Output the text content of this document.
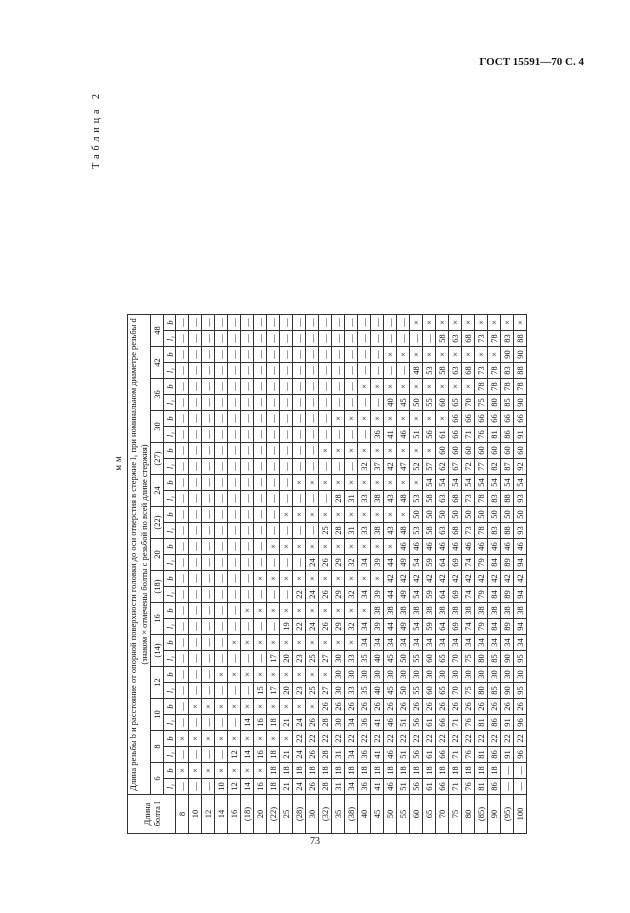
ГОСТ 15591—70 С. 4
Таблица 2
мм
Длина болта l	Длина резьбы b и расстояние от опорной поверхности головки до оси отверстия в стержне l₁ при номинальном диаметре резьбы d (знаком × отмечены болты с резьбой по всей длине стержня)																													

	6		8		10		12		(14)		16		(18)		20		(22)		24		(27)		30		36		42		48	
	l₁	b	l₁	b	l₁	b	l₁	b	l₁	b	l₁	b	l₁	b	l₁	b	l₁	b	l₁	b	l₁	b	l₁	b	l₁	b	l₁	b	l₁	b
8	—	×	—	×	—	—	—	—	—	—	—	—	—	—	—	—	—	—	—	—	—	—	—	—	—	—	—	—	—	—
10	—	×	—	×	—	×	—	—	—	—	—	—	—	—	—	—	—	—	—	—	—	—	—	—	—	—	—	—	—	—
12	—	×	—	×	—	×	—	—	—	—	—	—	—	—	—	—	—	—	—	—	—	—	—	—	—	—	—	—	—	—
14	10	×	—	×	—	×	—	×	—	—	—	—	—	—	—	—	—	—	—	—	—	—	—	—	—	—	—	—	—	—
16	12	×	12	×	—	×	—	×	—	×	—	—	—	—	—	—	—	—	—	—	—	—	—	—	—	—	—	—	—	—
(18)	14	×	14	×	14	×	—	×	—	×	—	×	—	—	—	—	—	—	—	—	—	—	—	—	—	—	—	—	—	—
20	16	×	16	×	16	×	15	×	—	×	—	×	—	×	—	—	—	—	—	—	—	—	—	—	—	—	—	—	—	—
(22)	18	18	18	×	18	×	17	×	17	×	—	×	—	×	—	×	—	—	—	—	—	—	—	—	—	—	—	—	—	—
25	21	18	21	×	21	×	20	×	20	×	19	×	—	×	—	×	—	×	—	—	—	—	—	—	—	—	—	—	—	—
(28)	24	18	24	22	24	×	23	×	23	×	22	×	22	×	—	×	—	×	—	×	—	—	—	—	—	—	—	—	—	—
30	26	18	26	22	26	×	25	×	25	×	24	×	24	×	24	×	—	×	—	×	—	—	—	—	—	—	—	—	—	—
(32)	28	18	28	22	28	26	27	×	27	×	26	×	26	×	26	×	25	×	—	×	—	×	—	—	—	—	—	—	—	—
35	31	18	31	22	30	26	30	30	30	×	29	×	29	×	29	×	28	×	28	×	—	×	—	×	—	—	—	—	—	—
(38)	34	18	34	22	34	26	33	30	33	×	32	×	32	×	32	×	31	×	31	×	—	×	—	×	—	—	—	—	—	—
40	36	18	36	22	36	26	35	30	35	34	34	×	34	×	34	×	33	×	33	×	32	×	—	×	—	×	—	—	—	—
45	41	18	41	22	41	26	40	30	40	34	39	38	39	×	39	×	38	×	38	×	37	×	36	×	—	×	—	—	—	—
50	46	18	46	22	46	26	45	30	45	34	44	38	44	42	44	×	43	×	43	×	42	×	41	×	40	×	—	×	—	—
55	51	18	51	22	51	26	50	30	50	34	49	38	49	42	49	46	48	×	48	×	47	×	46	×	45	×	—	×	—	—
60	56	18	56	22	56	26	55	30	55	34	54	38	54	42	54	46	53	50	53	×	52	×	51	×	50	×	48	×	—	×
65	61	18	61	22	61	26	60	30	60	34	59	38	59	42	59	46	58	50	58	54	57	×	56	×	55	×	53	×	—	×
70	66	18	66	22	66	26	65	30	65	34	64	38	64	42	64	46	63	50	63	54	62	60	61	×	60	×	58	×	58	×
75	71	18	71	22	71	26	70	30	70	34	69	38	69	42	69	46	68	50	68	54	67	60	66	66	65	×	63	×	63	×
80	76	18	76	22	76	26	75	30	75	34	74	38	74	42	74	46	73	50	73	54	72	60	71	66	70	×	68	×	68	×
(85)	81	18	81	22	81	26	80	30	80	34	79	38	79	42	79	46	78	50	78	54	77	60	76	66	75	78	73	×	73	×
90	86	18	86	22	86	26	85	30	85	34	84	38	84	42	84	46	83	50	83	54	82	60	81	66	80	78	78	×	78	×
(95)	—	—	91	22	91	26	90	30	90	34	89	38	89	42	89	46	88	50	88	54	87	60	86	66	85	78	83	90	83	×
100	—	—	96	22	96	26	95	30	95	34	94	38	94	42	94	46	93	50	93	54	92	60	91	66	90	78	88	90	88	×
73
